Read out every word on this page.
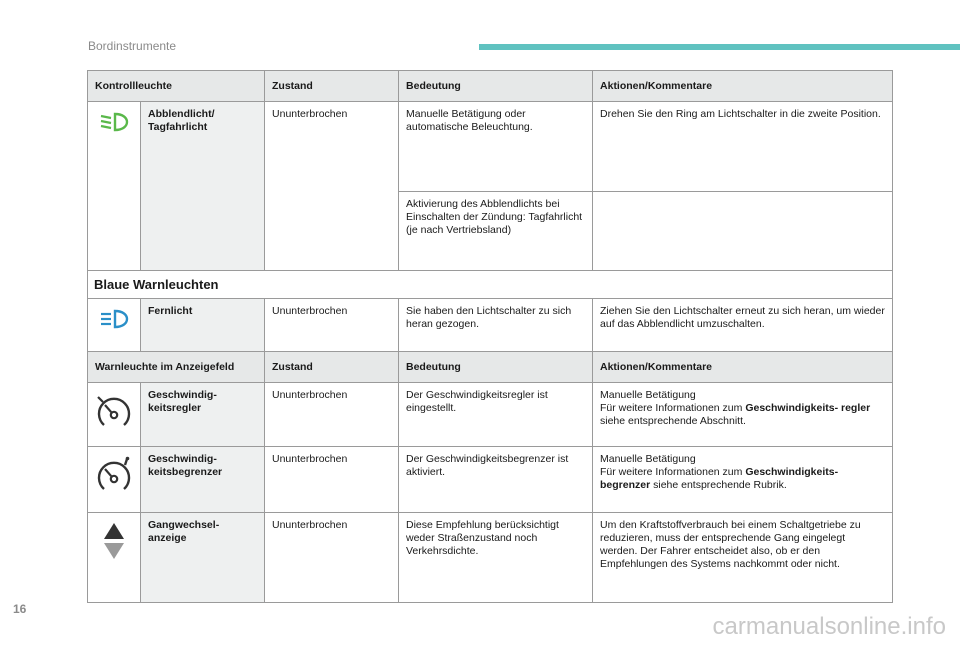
Bordinstrumente
Kontrollleuchte		Zustand	Bedeutung	Aktionen/Kommentare

	Abblendlicht/ Tagfahrlicht	Ununterbrochen	Manuelle Betätigung oder automatische Beleuchtung.	Drehen Sie den Ring am Lichtschalter in die zweite Position.
			Aktivierung des Abblendlichts bei Einschalten der Zündung: Tagfahrlicht (je nach Vertriebsland)	
Blaue Warnleuchten				

	Fernlicht	Ununterbrochen	Sie haben den Lichtschalter zu sich heran gezogen.	Ziehen Sie den Lichtschalter erneut zu sich heran, um wieder auf das Abblendlicht umzuschalten.
Warnleuchte im Anzeigefeld		Zustand	Bedeutung	Aktionen/Kommentare

	Geschwindig- keitsregler	Ununterbrochen	Der Geschwindigkeitsregler ist eingestellt.	Manuelle Betätigung
Für weitere Informationen zum Geschwindigkeits- regler siehe entsprechende Abschnitt.

	Geschwindig- keitsbegrenzer	Ununterbrochen	Der Geschwindigkeitsbegrenzer ist aktiviert.	Manuelle Betätigung
Für weitere Informationen zum Geschwindigkeits- begrenzer siehe entsprechende Rubrik.

	Gangwechsel- anzeige	Ununterbrochen	Diese Empfehlung berücksichtigt weder Straßenzustand noch Verkehrsdichte.	Um den Kraftstoffverbrauch bei einem Schaltgetriebe zu reduzieren, muss der entsprechende Gang eingelegt werden. Der Fahrer entscheidet also, ob er den Empfehlungen des Systems nachkommt oder nicht.
16
carmanualsonline.info
